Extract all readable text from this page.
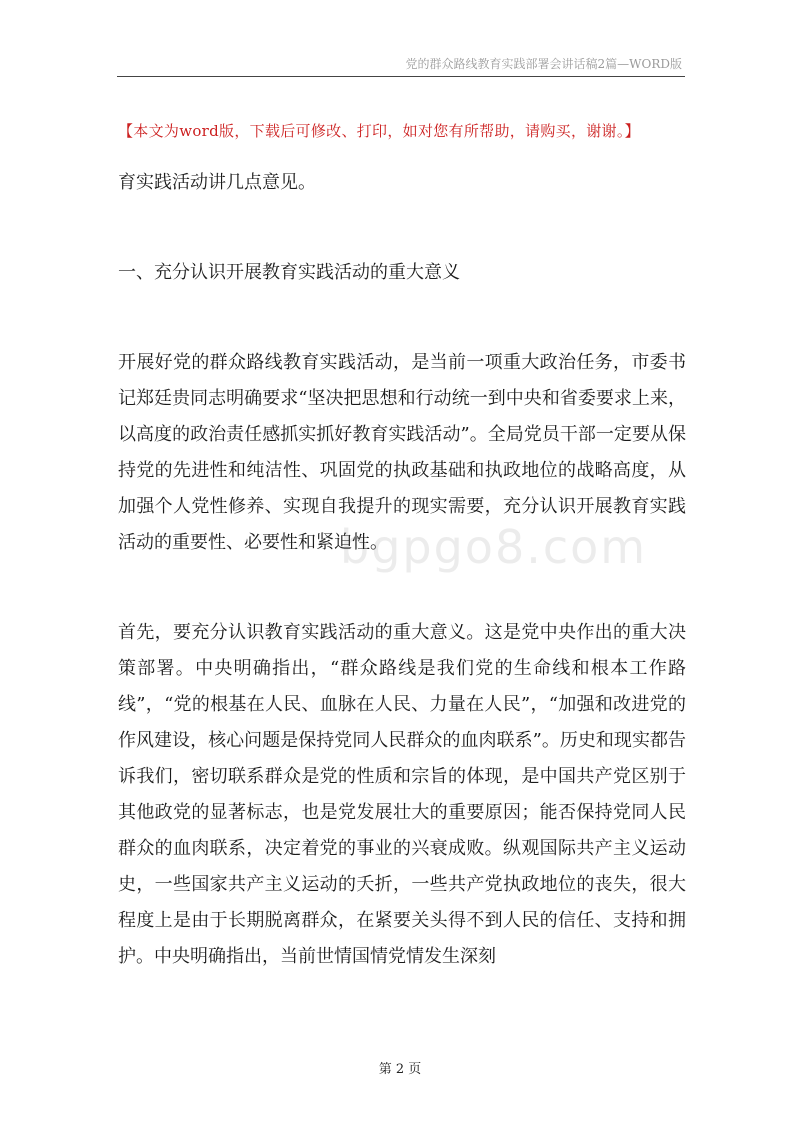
党的群众路线教育实践部署会讲话稿2篇—WORD版
【本文为word版，下载后可修改、打印，如对您有所帮助，请购买，谢谢。】
bgpgo8.com

育实践活动讲几点意见。

一、充分认识开展教育实践活动的重大意义

开展好党的群众路线教育实践活动，是当前一项重大政治任务，市委书记郑廷贵同志明确要求“坚决把思想和行动统一到中央和省委要求上来，以高度的政治责任感抓实抓好教育实践活动”。全局党员干部一定要从保持党的先进性和纯洁性、巩固党的执政基础和执政地位的战略高度，从加强个人党性修养、实现自我提升的现实需要，充分认识开展教育实践活动的重要性、必要性和紧迫性。

首先，要充分认识教育实践活动的重大意义。这是党中央作出的重大决策部署。中央明确指出，“群众路线是我们党的生命线和根本工作路线”，“党的根基在人民、血脉在人民、力量在人民”，“加强和改进党的作风建设，核心问题是保持党同人民群众的血肉联系”。历史和现实都告诉我们，密切联系群众是党的性质和宗旨的体现，是中国共产党区别于其他政党的显著标志，也是党发展壮大的重要原因；能否保持党同人民群众的血肉联系，决定着党的事业的兴衰成败。纵观国际共产主义运动史，一些国家共产主义运动的夭折，一些共产党执政地位的丧失，很大程度上是由于长期脱离群众，在紧要关头得不到人民的信任、支持和拥护。中央明确指出，当前世情国情党情发生深刻

第 2 页
